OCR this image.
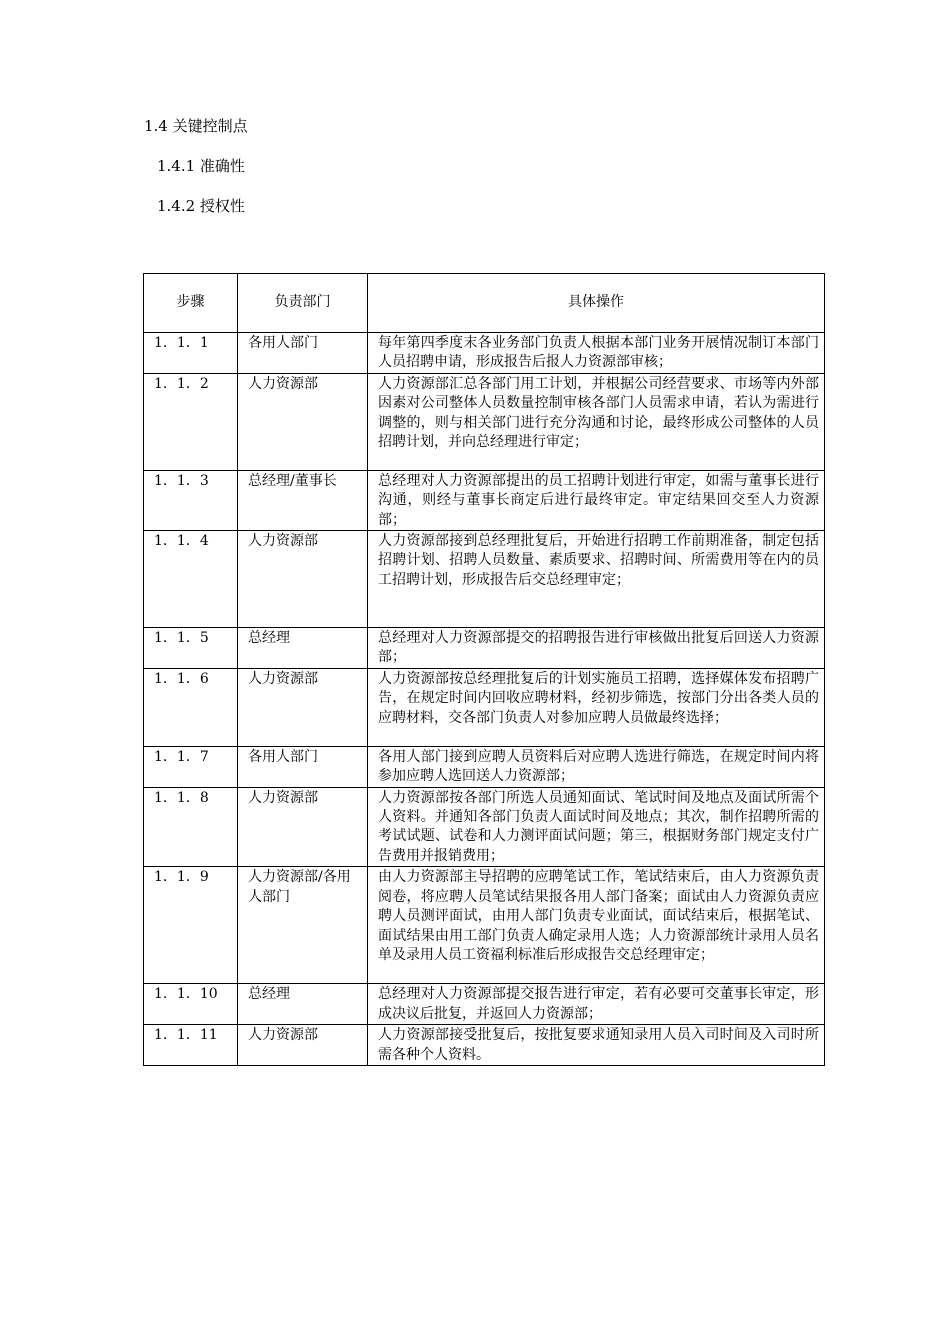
1.4 关键控制点
1.4.1 准确性
1.4.2 授权性
步骤	负责部门	具体操作
1．1．1	各用人部门	每年第四季度末各业务部门负责人根据本部门业务开展情况制订本部门人员招聘申请，形成报告后报人力资源部审核；
1．1．2	人力资源部	人力资源部汇总各部门用工计划，并根据公司经营要求、市场等内外部因素对公司整体人员数量控制审核各部门人员需求申请，若认为需进行调整的，则与相关部门进行充分沟通和讨论，最终形成公司整体的人员招聘计划，并向总经理进行审定；
1．1．3	总经理/董事长	总经理对人力资源部提出的员工招聘计划进行审定，如需与董事长进行沟通，则经与董事长商定后进行最终审定。审定结果回交至人力资源部；
1．1．4	人力资源部	人力资源部接到总经理批复后，开始进行招聘工作前期准备，制定包括招聘计划、招聘人员数量、素质要求、招聘时间、所需费用等在内的员工招聘计划，形成报告后交总经理审定；
1．1．5	总经理	总经理对人力资源部提交的招聘报告进行审核做出批复后回送人力资源部；
1．1．6	人力资源部	人力资源部按总经理批复后的计划实施员工招聘，选择媒体发布招聘广告，在规定时间内回收应聘材料，经初步筛选，按部门分出各类人员的应聘材料，交各部门负责人对参加应聘人员做最终选择；
1．1．7	各用人部门	各用人部门接到应聘人员资料后对应聘人选进行筛选，在规定时间内将参加应聘人选回送人力资源部；
1．1．8	人力资源部	人力资源部按各部门所选人员通知面试、笔试时间及地点及面试所需个人资料。并通知各部门负责人面试时间及地点；其次，制作招聘所需的考试试题、试卷和人力测评面试问题；第三，根据财务部门规定支付广告费用并报销费用；
1．1．9	人力资源部/各用人部门	由人力资源部主导招聘的应聘笔试工作，笔试结束后，由人力资源负责阅卷，将应聘人员笔试结果报各用人部门备案；面试由人力资源负责应聘人员测评面试，由用人部门负责专业面试，面试结束后，根据笔试、面试结果由用工部门负责人确定录用人选；人力资源部统计录用人员名单及录用人员工资福利标准后形成报告交总经理审定；
1．1．10	总经理	总经理对人力资源部提交报告进行审定，若有必要可交董事长审定，形成决议后批复，并返回人力资源部；
1．1．11	人力资源部	人力资源部接受批复后，按批复要求通知录用人员入司时间及入司时所需各种个人资料。
